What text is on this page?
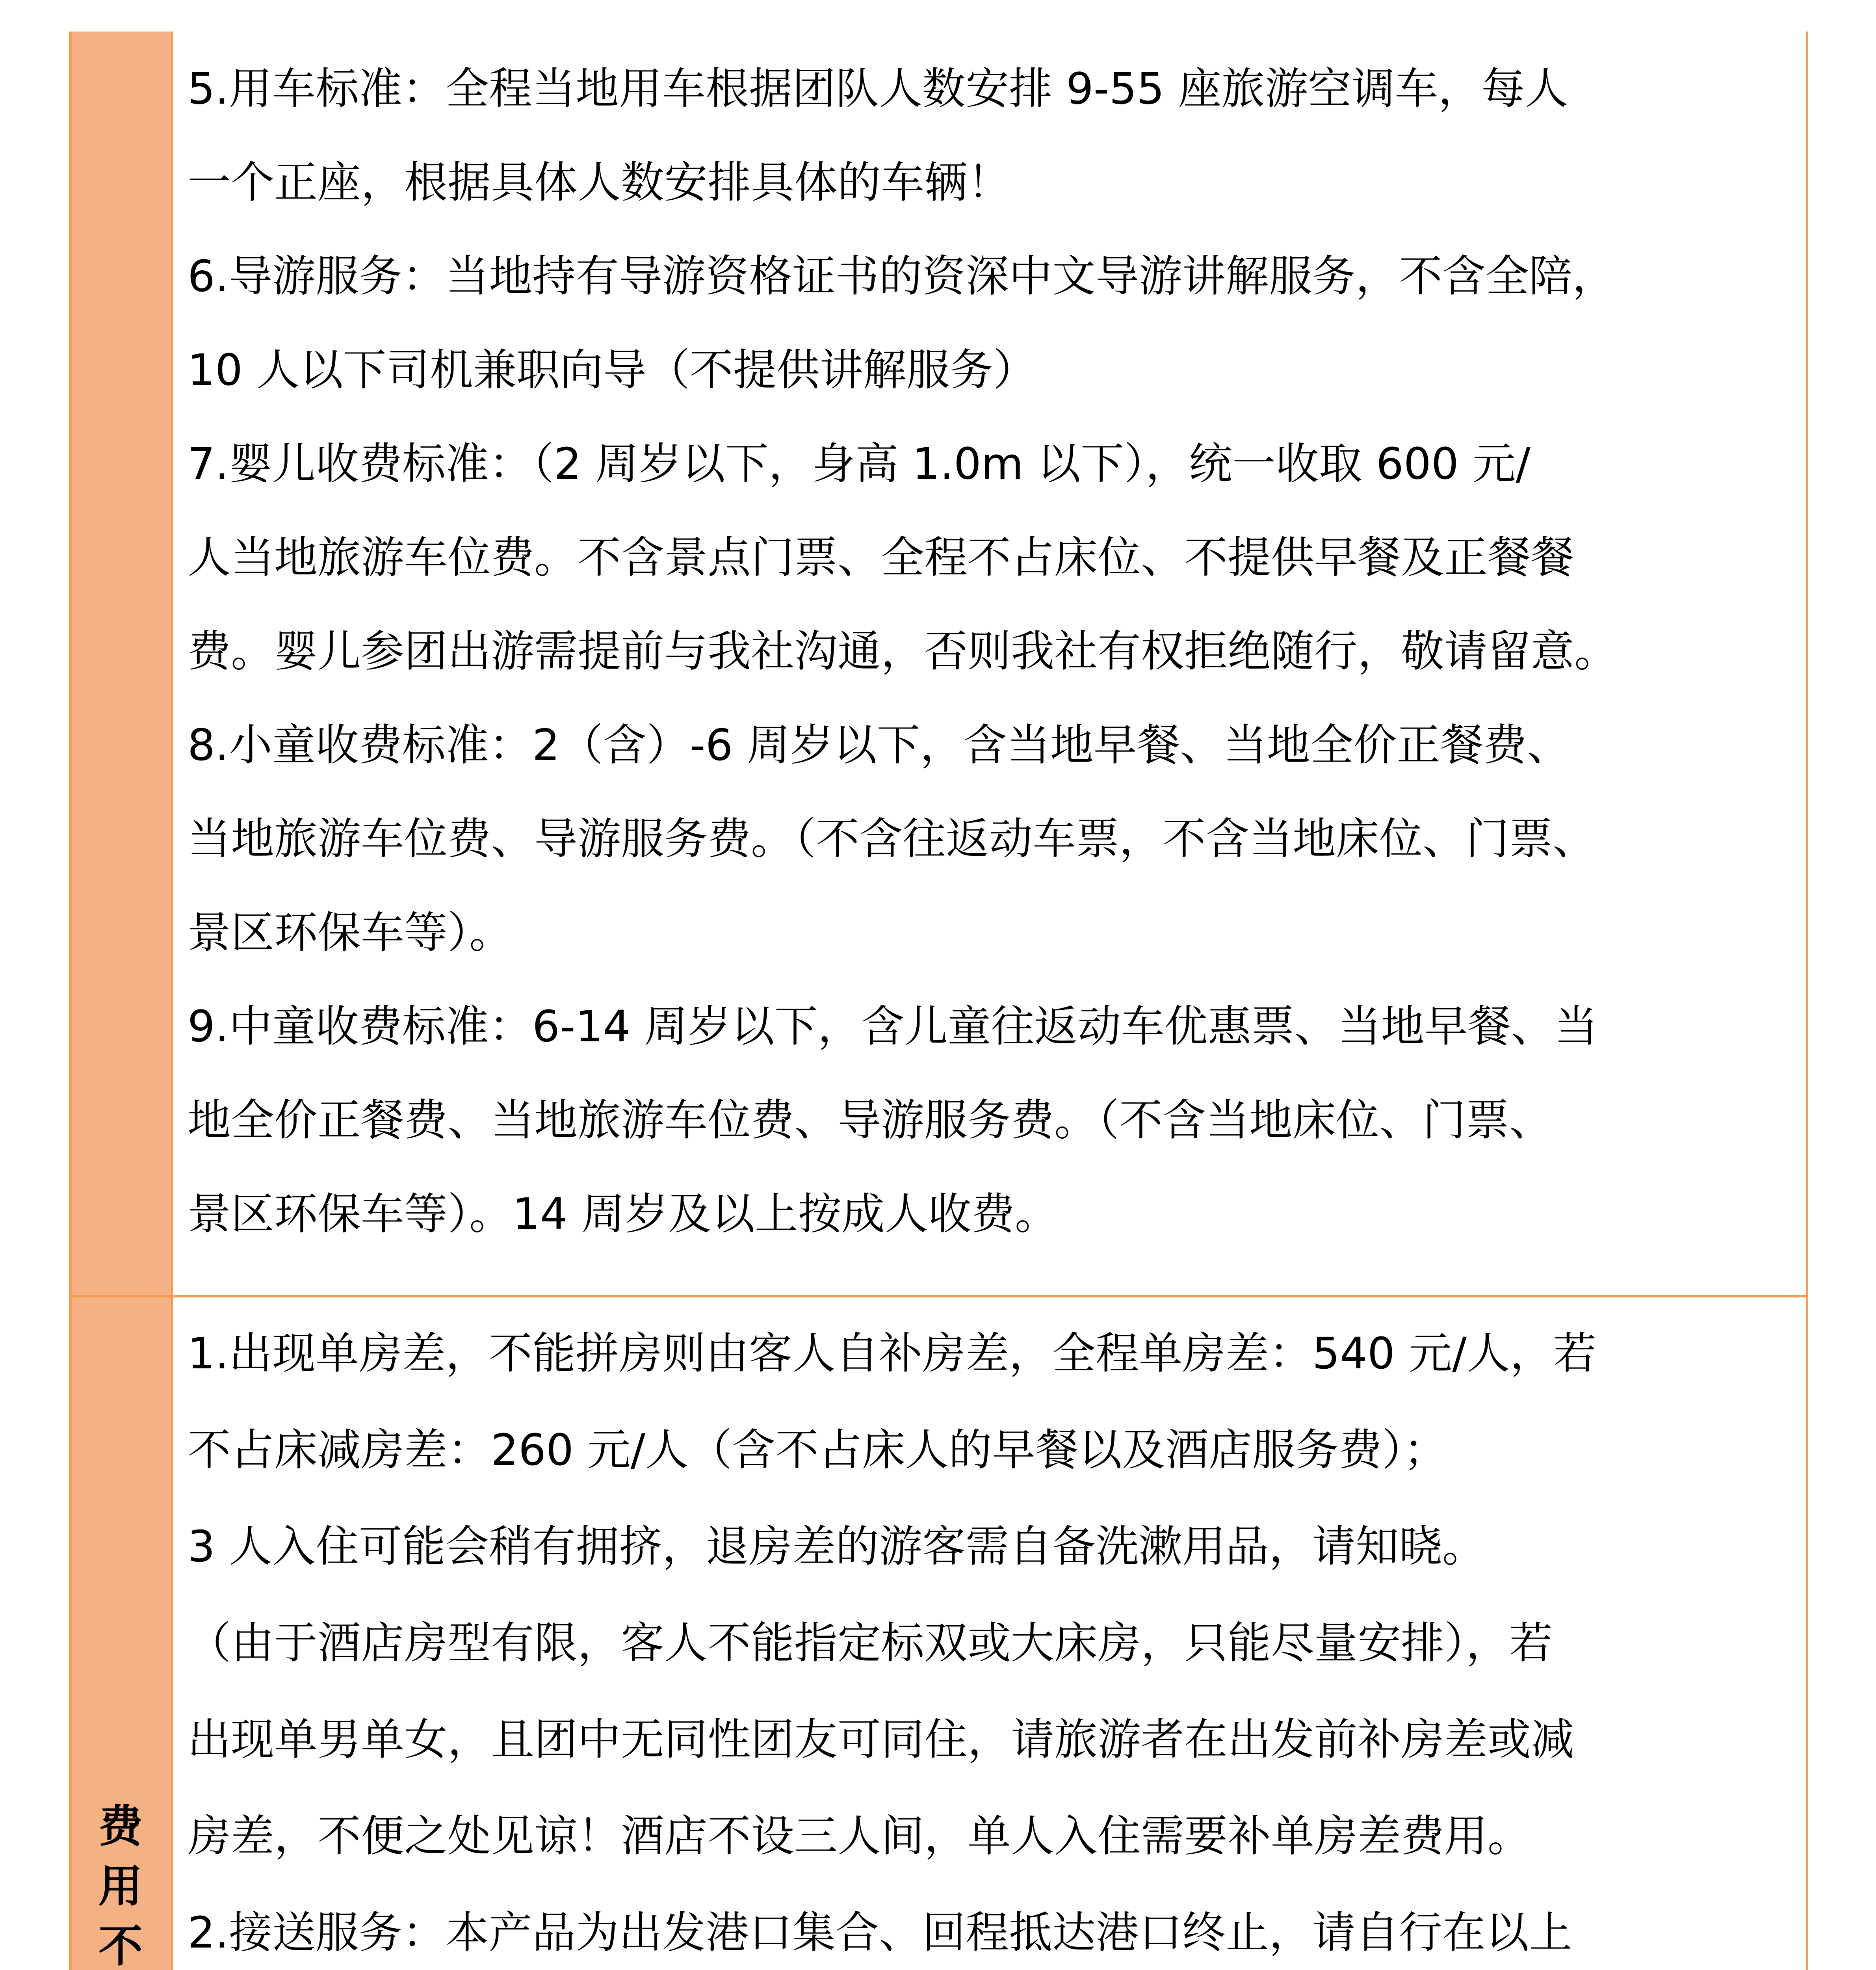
费
用
不
5.用车标准：全程当地用车根据团队人数安排 9-55 座旅游空调车，每人
一个正座，根据具体人数安排具体的车辆！
6.导游服务：当地持有导游资格证书的资深中文导游讲解服务，不含全陪，
10 人以下司机兼职向导（不提供讲解服务）
7.婴儿收费标准：（2 周岁以下，身高 1.0m 以下），统一收取 600 元/
人当地旅游车位费。不含景点门票、全程不占床位、不提供早餐及正餐餐
费。婴儿参团出游需提前与我社沟通，否则我社有权拒绝随行，敬请留意。
8.小童收费标准：2（含）-6 周岁以下，含当地早餐、当地全价正餐费、
当地旅游车位费、导游服务费。（不含往返动车票，不含当地床位、门票、
景区环保车等）。
9.中童收费标准：6-14 周岁以下，含儿童往返动车优惠票、当地早餐、当
地全价正餐费、当地旅游车位费、导游服务费。（不含当地床位、门票、
景区环保车等）。14 周岁及以上按成人收费。
1.出现单房差，不能拼房则由客人自补房差，全程单房差：540 元/人，若
不占床减房差：260 元/人（含不占床人的早餐以及酒店服务费）；
3 人入住可能会稍有拥挤，退房差的游客需自备洗漱用品，请知晓。
（由于酒店房型有限，客人不能指定标双或大床房，只能尽量安排），若
出现单男单女，且团中无同性团友可同住，请旅游者在出发前补房差或减
房差，不便之处见谅！酒店不设三人间，单人入住需要补单房差费用。
2.接送服务：本产品为出发港口集合、回程抵达港口终止，请自行在以上
